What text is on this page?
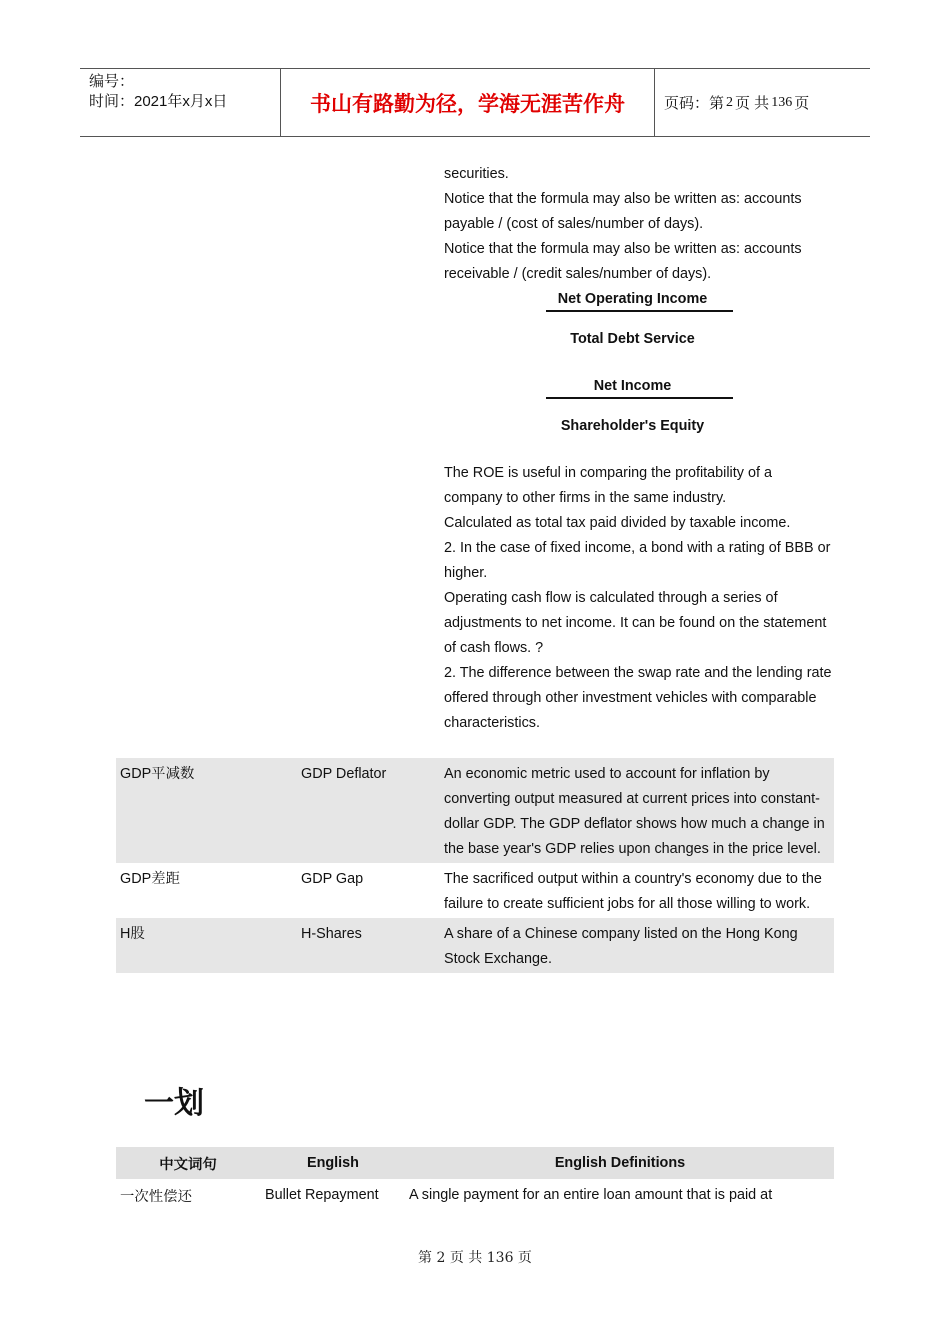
编号：
时间：2021年x月x日	书山有路勤为径，学海无涯苦作舟	页码：第 2 页 共 136 页

securities.

Notice that the formula may also be written as: accounts payable / (cost of sales/number of days).

Notice that the formula may also be written as: accounts receivable / (credit sales/number of days).

Net Operating Income
Total Debt Service
Net Income
Shareholder's Equity

The ROE is useful in comparing the profitability of a company to other firms in the same industry.

Calculated as total tax paid divided by taxable income.

2. In the case of fixed income, a bond with a rating of BBB or higher.

Operating cash flow is calculated through a series of adjustments to net income. It can be found on the statement of cash flows. ?

2. The difference between the swap rate and the lending rate offered through other investment vehicles with comparable characteristics.

GDP平减数	GDP Deflator	An economic metric used to account for inflation by converting output measured at current prices into constant-dollar GDP. The GDP deflator shows how much a change in the base year's GDP relies upon changes in the price level.
GDP差距	GDP Gap	The sacrificed output within a country's economy due to the failure to create sufficient jobs for all those willing to work.
H股	H-Shares	A share of a Chinese company listed on the Hong Kong Stock Exchange.
一划
中文词句	English	English Definitions
一次性偿还	Bullet Repayment	A single payment for an entire loan amount that is paid at
第 2 页 共 136 页
